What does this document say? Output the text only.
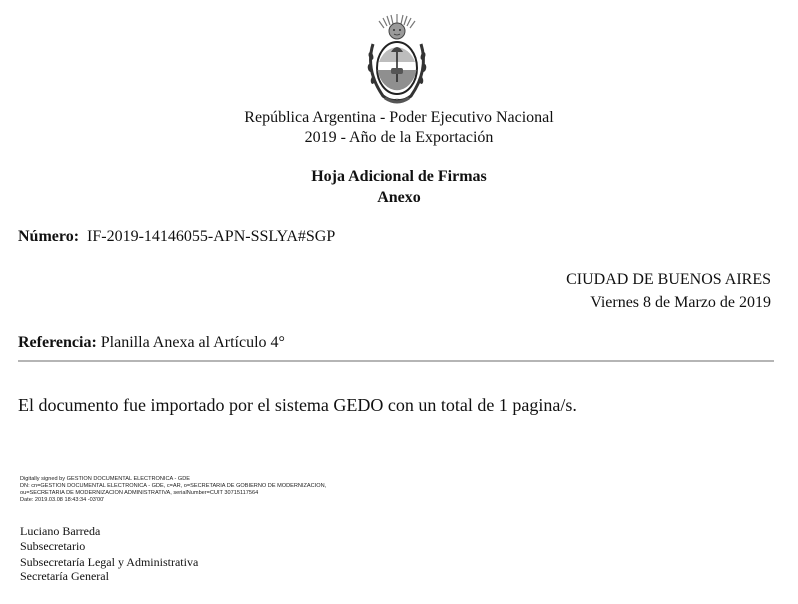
República Argentina - Poder Ejecutivo Nacional
2019 - Año de la Exportación
Hoja Adicional de Firmas
Anexo
Número: IF-2019-14146055-APN-SSLYA#SGP
CIUDAD DE BUENOS AIRES
Viernes 8 de Marzo de 2019
Referencia: Planilla Anexa al Artículo 4°
El documento fue importado por el sistema GEDO con un total de 1 pagina/s.
Digitally signed by GESTION DOCUMENTAL ELECTRONICA - GDE
DN: cn=GESTION DOCUMENTAL ELECTRONICA - GDE, c=AR, o=SECRETARIA DE GOBIERNO DE MODERNIZACION,
ou=SECRETARIA DE MODERNIZACION ADMINISTRATIVA, serialNumber=CUIT 30715117564
Date: 2019.03.08 18:43:34 -03'00'
Luciano Barreda
Subsecretario
Subsecretaría Legal y Administrativa
Secretaría General
